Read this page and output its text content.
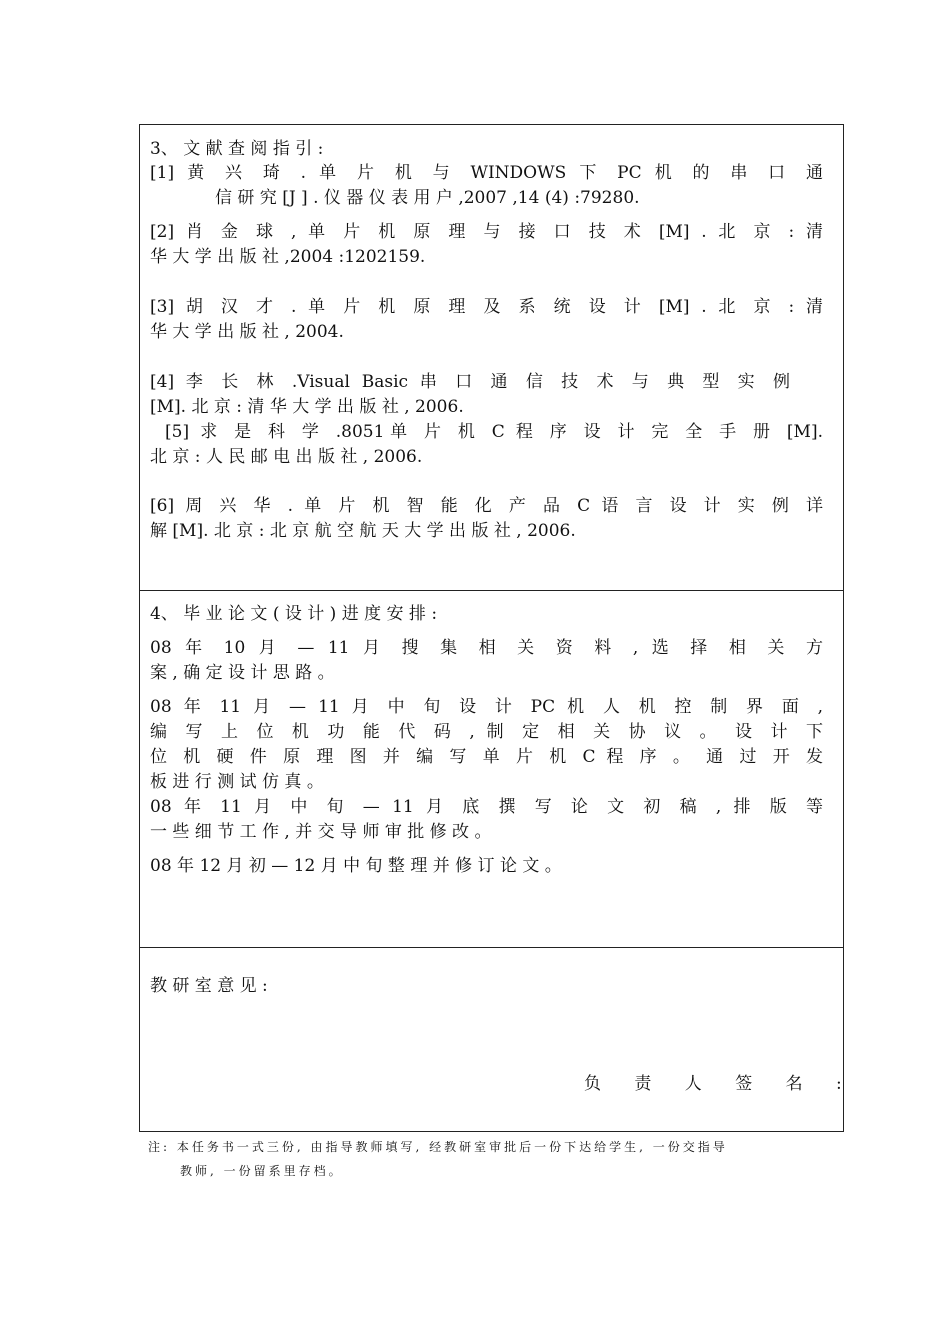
3、 文 献 查 阅 指 引 :
[1] 黄 兴 琦 . 单 片 机 与 WINDOWS 下 PC 机 的 串 口 通
信 研 究 [J ] . 仪 器 仪 表 用 户 ,2007 ,14 (4) :79280.
[2] 肖 金 球 , 单 片 机 原 理 与 接 口 技 术 [M] . 北 京 : 清
华 大 学 出 版 社 ,2004 :1202159.
[3] 胡 汉 才 . 单 片 机 原 理 及 系 统 设 计 [M] . 北 京 : 清
华 大 学 出 版 社 , 2004.
[4] 李 长 林 .Visual Basic 串 口 通 信 技 术 与 典 型 实 例
[M]. 北 京 : 清 华 大 学 出 版 社 , 2006.
[5] 求 是 科 学 .8051单 片 机 C 程 序 设 计 完 全 手 册 [M].
北 京 : 人 民 邮 电 出 版 社 , 2006.
[6] 周 兴 华 . 单 片 机 智 能 化 产 品 C 语 言 设 计 实 例 详
解 [M]. 北 京 : 北 京 航 空 航 天 大 学 出 版 社 , 2006.
4、 毕 业 论 文 ( 设 计 ) 进 度 安 排 :
08 年 10 月 — 11 月 搜 集 相 关 资 料 , 选 择 相 关 方
案 , 确 定 设 计 思 路 。
08 年 11 月 — 11 月 中 旬 设 计 PC 机 人 机 控 制 界 面 ,
编 写 上 位 机 功 能 代 码 , 制 定 相 关 协 议 。 设 计 下
位 机 硬 件 原 理 图 并 编 写 单 片 机 C 程 序 。 通 过 开 发
板 进 行 测 试 仿 真 。
08 年 11 月 中 旬 — 11 月 底 撰 写 论 文 初 稿 , 排 版 等
一 些 细 节 工 作 , 并 交 导 师 审 批 修 改 。
08 年 12 月 初 — 12 月 中 旬 整 理 并 修 订 论 文 。
教 研 室 意 见 :
负 责 人 签 名 :
注: 本任务书一式三份, 由指导教师填写, 经教研室审批后一份下达给学生, 一份交指导
教师, 一份留系里存档。
